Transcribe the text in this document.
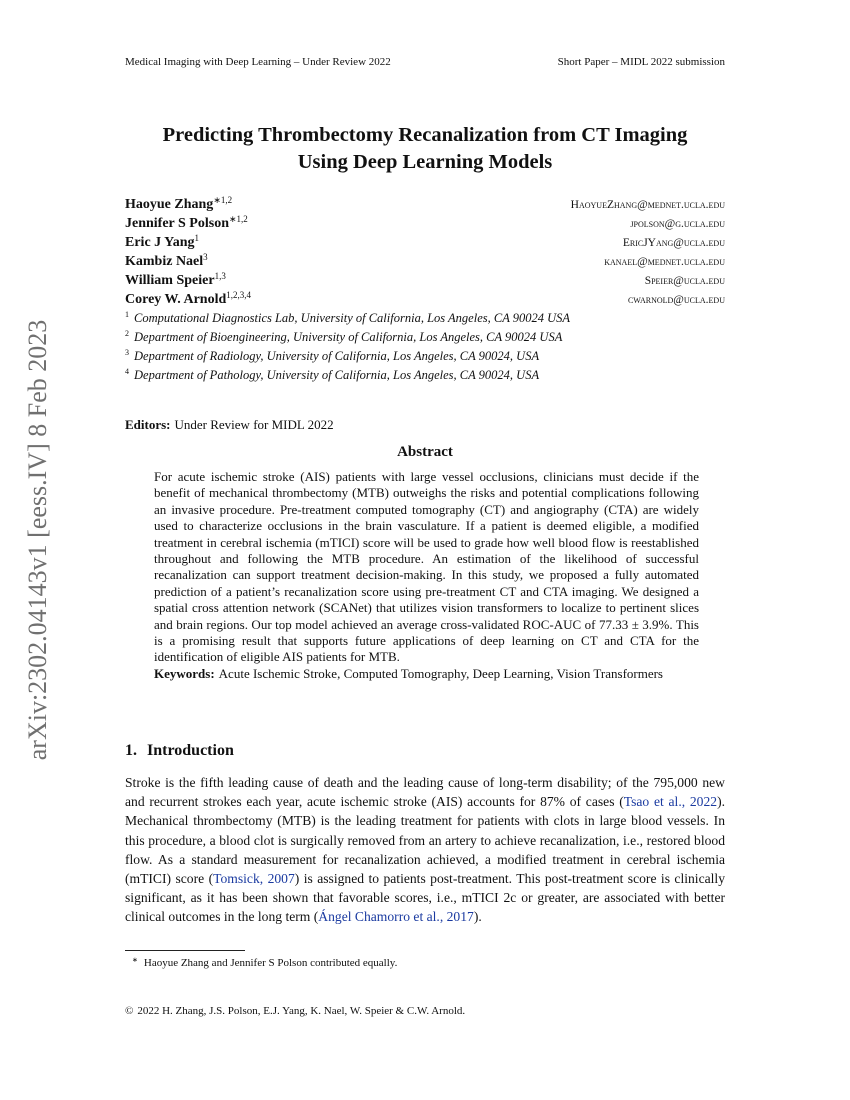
Medical Imaging with Deep Learning – Under Review 2022	Short Paper – MIDL 2022 submission
arXiv:2302.04143v1 [eess.IV] 8 Feb 2023
Predicting Thrombectomy Recanalization from CT Imaging
Using Deep Learning Models
Haoyue Zhang$^{∗1,2}$	HaoyueZhang@mednet.ucla.edu
Jennifer S Polson$^{∗1,2}$	jpolson@g.ucla.edu
Eric J Yang$^1$	EricJYang@ucla.edu
Kambiz Nael$^3$	kanael@mednet.ucla.edu
William Speier$^{1,3}$	Speier@ucla.edu
Corey W. Arnold$^{1,2,3,4}$	cwarnold@ucla.edu
$^1$ Computational Diagnostics Lab, University of California, Los Angeles, CA 90024 USA
$^2$ Department of Bioengineering, University of California, Los Angeles, CA 90024 USA
$^3$ Department of Radiology, University of California, Los Angeles, CA 90024, USA
$^4$ Department of Pathology, University of California, Los Angeles, CA 90024, USA
Editors: Under Review for MIDL 2022
Abstract
For acute ischemic stroke (AIS) patients with large vessel occlusions, clinicians must decide if the benefit of mechanical thrombectomy (MTB) outweighs the risks and potential complications following an invasive procedure. Pre-treatment computed tomography (CT) and angiography (CTA) are widely used to characterize occlusions in the brain vasculature. If a patient is deemed eligible, a modified treatment in cerebral ischemia (mTICI) score will be used to grade how well blood flow is reestablished throughout and following the MTB procedure. An estimation of the likelihood of successful recanalization can support treatment decision-making. In this study, we proposed a fully automated prediction of a patient’s recanalization score using pre-treatment CT and CTA imaging. We designed a spatial cross attention network (SCANet) that utilizes vision transformers to localize to pertinent slices and brain regions. Our top model achieved an average cross-validated ROC-AUC of 77.33 ± 3.9%. This is a promising result that supports future applications of deep learning on CT and CTA for the identification of eligible AIS patients for MTB.
Keywords: Acute Ischemic Stroke, Computed Tomography, Deep Learning, Vision Transformers
1. Introduction
Stroke is the fifth leading cause of death and the leading cause of long-term disability; of the 795,000 new and recurrent strokes each year, acute ischemic stroke (AIS) accounts for 87% of cases (Tsao et al., 2022). Mechanical thrombectomy (MTB) is the leading treatment for patients with clots in large blood vessels. In this procedure, a blood clot is surgically removed from an artery to achieve recanalization, i.e., restored blood flow. As a standard measurement for recanalization achieved, a modified treatment in cerebral ischemia (mTICI) score (Tomsick, 2007) is assigned to patients post-treatment. This post-treatment score is clinically significant, as it has been shown that favorable scores, i.e., mTICI 2c or greater, are associated with better clinical outcomes in the long term (Ángel Chamorro et al., 2017).
∗ Haoyue Zhang and Jennifer S Polson contributed equally.
© 2022 H. Zhang, J.S. Polson, E.J. Yang, K. Nael, W. Speier & C.W. Arnold.
